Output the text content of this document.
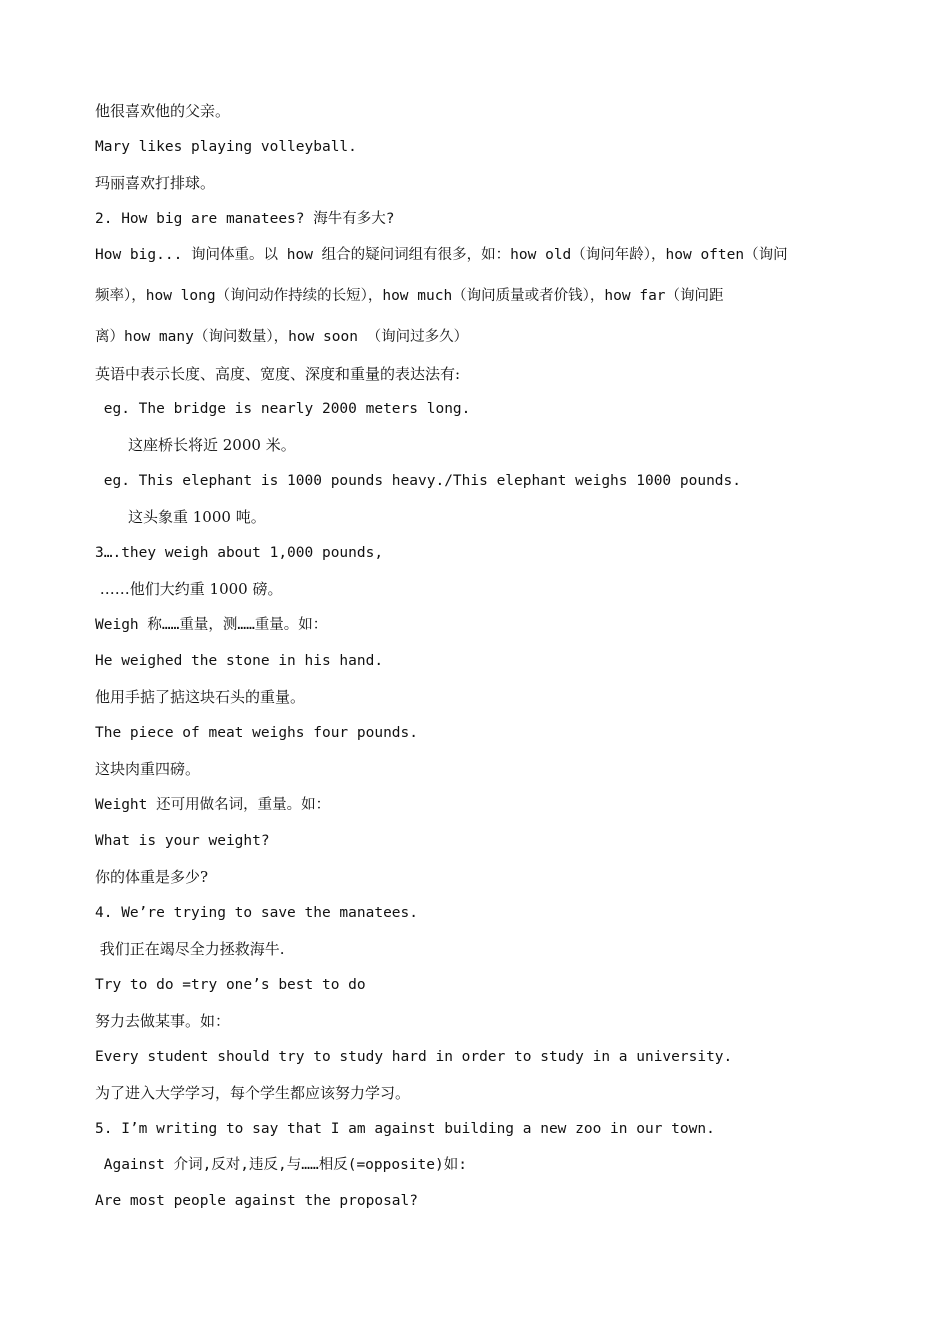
他很喜欢他的父亲。
Mary likes playing volleyball.
玛丽喜欢打排球。
2. How big are manatees? 海牛有多大?
How big... 询问体重。以 how 组合的疑问词组有很多，如：how old（询问年龄），how often（询问
频率），how long（询问动作持续的长短），how much（询问质量或者价钱），how far（询问距
离）how many（询问数量），how soon （询问过多久）
英语中表示长度、高度、宽度、深度和重量的表达法有:
eg. The bridge is nearly 2000 meters long.
这座桥长将近 2000 米。
eg. This elephant is 1000 pounds heavy./This elephant weighs 1000 pounds.
这头象重 1000 吨。
3….they weigh about 1,000 pounds,
……他们大约重 1000 磅。
Weigh 称……重量，测……重量。如：
He weighed the stone in his hand.
他用手掂了掂这块石头的重量。
The piece of meat weighs four pounds.
这块肉重四磅。
Weight 还可用做名词，重量。如：
What is your weight?
你的体重是多少?
4. We’re trying to save the manatees.
我们正在竭尽全力拯救海牛.
Try to do =try one’s best to do
努力去做某事。如：
Every student should try to study hard in order to study in a university.
为了进入大学学习，每个学生都应该努力学习。
5. I’m writing to say that I am against building a new zoo in our town.
Against 介词,反对,违反,与……相反(=opposite)如:
Are most people against the proposal?
